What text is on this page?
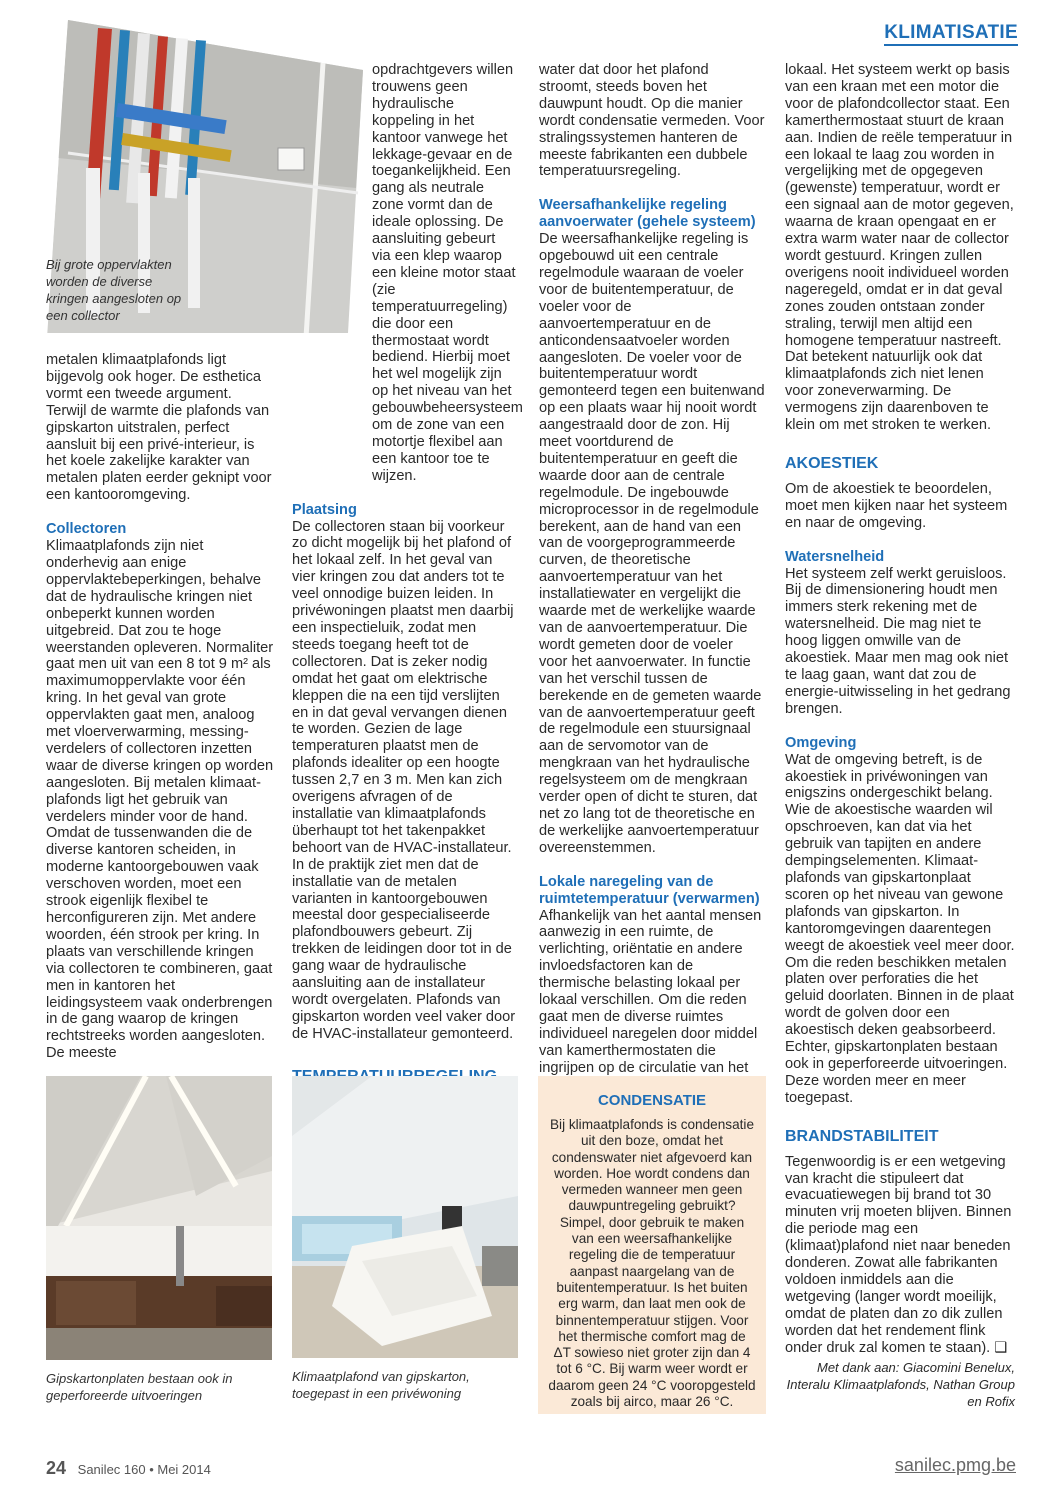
KLIMATISATIE
Bij grote oppervlakten worden de diverse kringen aangesloten op een collector

metalen klimaatplafonds ligt bijgevolg ook hoger. De esthetica vormt een tweede argument. Terwijl de warmte die plafonds van gipskarton uitstralen, perfect aansluit bij een privé-interieur, is het koele zakelijke karakter van metalen platen eerder geknipt voor een kantooromgeving.

Collectoren

Klimaatplafonds zijn niet onderhevig aan enige oppervlaktebeperkingen, behalve dat de hydraulische kringen niet onbeperkt kunnen worden uitgebreid. Dat zou te hoge weerstanden opleveren. Normaliter gaat men uit van een 8 tot 9 m² als maximumoppervlakte voor één kring. In het geval van grote oppervlakten gaat men, analoog met vloerverwarming, messingverdelers of collectoren inzetten waar de diverse kringen op worden aangesloten. Bij metalen klimaatplafonds ligt het gebruik van verdelers minder voor de hand. Omdat de tussenwanden die de diverse kantoren scheiden, in moderne kantoorgebouwen vaak verschoven worden, moet een strook eigenlijk flexibel te herconfigureren zijn. Met andere woorden, één strook per kring. In plaats van verschillende kringen via collectoren te combineren, gaat men in kantoren het leidingsysteem vaak onderbrengen in de gang waarop de kringen rechtstreeks worden aangesloten. De meeste

opdrachtgevers willen trouwens geen hydraulische koppeling in het kantoor vanwege het lekkage-gevaar en de toegankelijkheid. Een gang als neutrale zone vormt dan de ideale oplossing. De aansluiting gebeurt via een klep waarop een kleine motor staat (zie temperatuurregeling) die door een thermostaat wordt bediend. Hierbij moet het wel mogelijk zijn op het niveau van het gebouwbeheersysteem om de zone van een motortje flexibel aan een kantoor toe te wijzen.

Plaatsing

De collectoren staan bij voorkeur zo dicht mogelijk bij het plafond of het lokaal zelf. In het geval van vier kringen zou dat anders tot te veel onnodige buizen leiden. In privéwoningen plaatst men daarbij een inspectieluik, zodat men steeds toegang heeft tot de collectoren. Dat is zeker nodig omdat het gaat om elektrische kleppen die na een tijd verslijten en in dat geval vervangen dienen te worden. Gezien de lage temperaturen plaatst men de plafonds idealiter op een hoogte tussen 2,7 en 3 m. Men kan zich overigens afvragen of de installatie van klimaatplafonds überhaupt tot het takenpakket behoort van de HVAC-installateur. In de praktijk ziet men dat de installatie van de metalen varianten in kantoorgebouwen meestal door gespecialiseerde plafondbouwers gebeurt. Zij trekken de leidingen door tot in de gang waar de hydraulische aansluiting aan de installateur wordt overgelaten. Plafonds van gipskarton worden veel vaker door de HVAC-installateur gemonteerd.

water dat door het plafond stroomt, steeds boven het dauwpunt houdt. Op die manier wordt condensatie vermeden. Voor stralingssystemen hanteren de meeste fabrikanten een dubbele temperatuursregeling.

Weersafhankelijke regeling aanvoerwater (gehele systeem)

De weersafhankelijke regeling is opgebouwd uit een centrale regelmodule waaraan de voeler voor de buitentemperatuur, de voeler voor de aanvoertemperatuur en de anticondensaatvoeler worden aangesloten. De voeler voor de buitentemperatuur wordt gemonteerd tegen een buitenwand op een plaats waar hij nooit wordt aangestraald door de zon. Hij meet voortdurend de buitentemperatuur en geeft die waarde door aan de centrale regelmodule. De ingebouwde microprocessor in de regelmodule berekent, aan de hand van een van de voorgeprogrammeerde curven, de theoretische aanvoertemperatuur van het installatiewater en vergelijkt die waarde met de werkelijke waarde van de aanvoertemperatuur. Die wordt gemeten door de voeler voor het aanvoerwater. In functie van het verschil tussen de berekende en de gemeten waarde van de aanvoertemperatuur geeft de regelmodule een stuursignaal aan de servomotor van de mengkraan van het hydraulische regelsysteem om de mengkraan verder open of dicht te sturen, dat net zo lang tot de theoretische en de werkelijke aanvoertemperatuur overeenstemmen.

Lokale naregeling van de ruimtetemperatuur (verwarmen)

Afhankelijk van het aantal mensen aanwezig in een ruimte, de verlichting, oriëntatie en andere invloedsfactoren kan de thermische belasting lokaal per lokaal verschillen. Om die reden gaat men de diverse ruimtes individueel naregelen door middel van kamerthermostaten die ingrijpen op de circulatie van het

lokaal. Het systeem werkt op basis van een kraan met een motor die voor de plafondcollector staat. Een kamerthermostaat stuurt de kraan aan. Indien de reële temperatuur in een lokaal te laag zou worden in vergelijking met de opgegeven (gewenste) temperatuur, wordt er een signaal aan de motor gegeven, waarna de kraan opengaat en er extra warm water naar de collector wordt gestuurd. Kringen zullen overigens nooit individueel worden nageregeld, omdat er in dat geval zones zouden ontstaan zonder straling, terwijl men altijd een homogene temperatuur nastreeft. Dat betekent natuurlijk ook dat klimaatplafonds zich niet lenen voor zoneverwarming. De vermogens zijn daarenboven te klein om met stroken te werken.

AKOESTIEK

Om de akoestiek te beoordelen, moet men kijken naar het systeem en naar de omgeving.

Watersnelheid

Het systeem zelf werkt geruisloos. Bij de dimensionering houdt men immers sterk rekening met de watersnelheid. Die mag niet te hoog liggen omwille van de akoestiek. Maar men mag ook niet te laag gaan, want dat zou de energie-uitwisseling in het gedrang brengen.

Omgeving

Wat de omgeving betreft, is de akoestiek in privéwoningen van enigszins ondergeschikt belang. Wie de akoestische waarden wil opschroeven, kan dat via het gebruik van tapijten en andere dempingselementen. Klimaatplafonds van gipskartonplaat scoren op het niveau van gewone plafonds van gipskarton. In kantoromgevingen daarentegen weegt de akoestiek veel meer door. Om die reden beschikken metalen platen over perforaties die het geluid doorlaten. Binnen in de plaat wordt de golven door een akoestisch deken geabsorbeerd. Echter, gipskartonplaten bestaan ook in geperforeerde uitvoeringen. Deze worden meer en meer toegepast.

BRANDSTABILITEIT

Tegenwoordig is er een wetgeving van kracht die stipuleert dat evacuatiewegen bij brand tot 30 minuten vrij moeten blijven. Binnen die periode mag een (klimaat)plafond niet naar beneden donderen. Zowat alle fabrikanten voldoen inmiddels aan die wetgeving (langer wordt moeilijk, omdat de platen dan zo dik zullen worden dat het rendement flink onder druk zal komen te staan). ❑

Met dank aan: Giacomini Benelux, Interalu Klimaatplafonds, Nathan Group en Rofix

Gipskartonplaten bestaan ook in geperforeerde uitvoeringen
Klimaatplafond van gipskarton, toegepast in een privéwoning
CONDENSATIE
Bij klimaatplafonds is condensatie uit den boze, omdat het condenswater niet afgevoerd kan worden. Hoe wordt condens dan vermeden wanneer men geen dauwpuntregeling gebruikt? Simpel, door gebruik te maken van een weersafhankelijke regeling die de temperatuur aanpast naargelang van de buitentemperatuur. Is het buiten erg warm, dan laat men ook de binnentemperatuur stijgen. Voor het thermische comfort mag de ΔT sowieso niet groter zijn dan 4 tot 6 °C. Bij warm weer wordt er daarom geen 24 °C vooropgesteld zoals bij airco, maar 26 °C.
24 Sanilec 160 • Mei 2014	sanilec.pmg.be
